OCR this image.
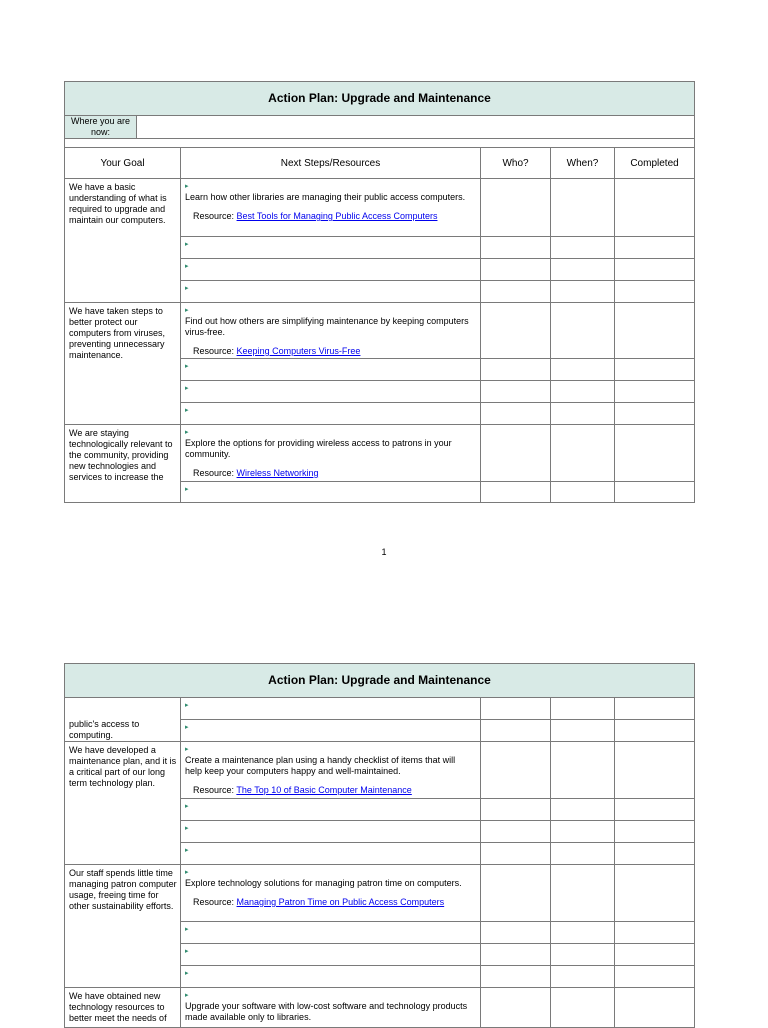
Action Plan: Upgrade and Maintenance					
Where you are now:					

Your Goal		Next Steps/Resources	Who?	When?	Completed
We have a basic understanding of what is required to upgrade and maintain our computers.		▸Learn how other libraries are managing their public access computers.
Resource: Best Tools for Managing Public Access Computers			

		▸			
		▸			
		▸			
We have taken steps to better protect our computers from viruses, preventing unnecessary maintenance.		▸Find out how others are simplifying maintenance by keeping computers virus-free.
Resource: Keeping Computers Virus-Free			

		▸			
		▸			
		▸			
We are staying technologically relevant to the community, providing new technologies and services to increase the		▸Explore the options for providing wireless access to patrons in your community.
Resource: Wireless Networking			

		▸			
1
Action Plan: Upgrade and Maintenance				
public's access to computing.	▸			
	▸			
We have developed a maintenance plan, and it is a critical part of our long term technology plan.	▸Create a maintenance plan using a handy checklist of items that will help keep your computers happy and well-maintained.
Resource: The Top 10 of Basic Computer Maintenance			

	▸			
	▸			
	▸			
Our staff spends little time managing patron computer usage, freeing time for other sustainability efforts.	▸Explore technology solutions for managing patron time on computers.
Resource: Managing Patron Time on Public Access Computers			

	▸			
	▸			
	▸			
We have obtained new technology resources to better meet the needs of	▸Upgrade your software with low-cost software and technology products made available only to libraries.			
